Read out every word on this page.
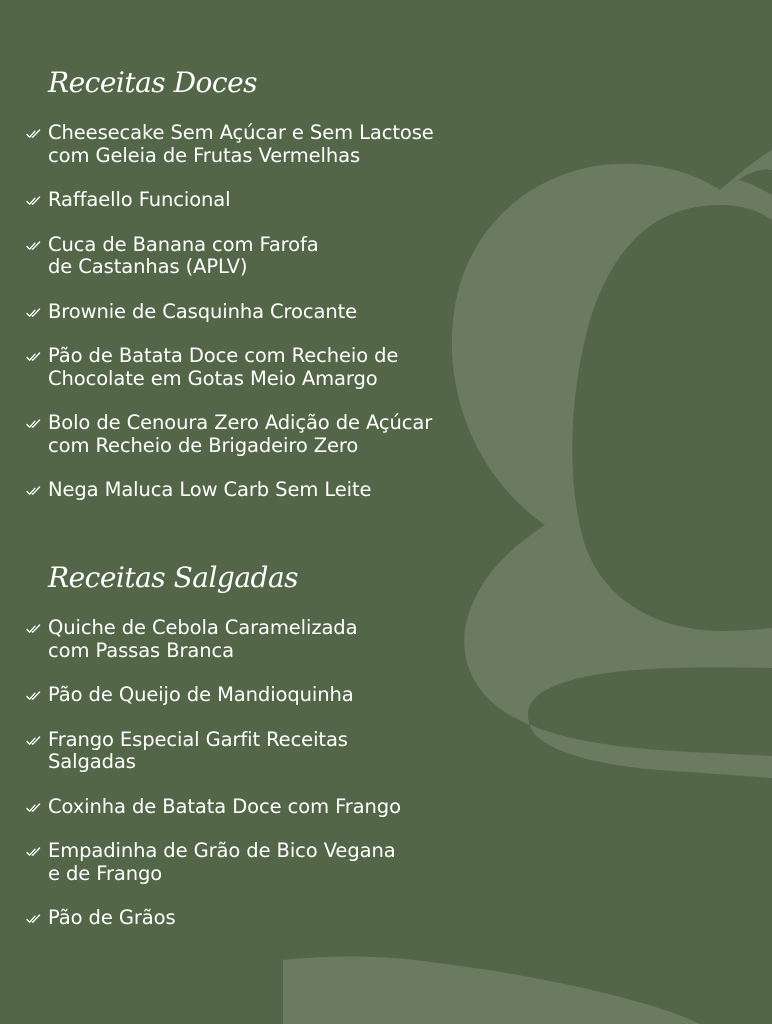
Receitas Doces
Cheesecake Sem Açúcar e Sem Lactose
com Geleia de Frutas Vermelhas
Raffaello Funcional
Cuca de Banana com Farofa
de Castanhas (APLV)
Brownie de Casquinha Crocante
Pão de Batata Doce com Recheio de
Chocolate em Gotas Meio Amargo
Bolo de Cenoura Zero Adição de Açúcar
com Recheio de Brigadeiro Zero
Nega Maluca Low Carb Sem Leite
Receitas Salgadas
Quiche de Cebola Caramelizada
com Passas Branca
Pão de Queijo de Mandioquinha
Frango Especial Garfit Receitas
Salgadas
Coxinha de Batata Doce com Frango
Empadinha de Grão de Bico Vegana
e de Frango
Pão de Grãos
